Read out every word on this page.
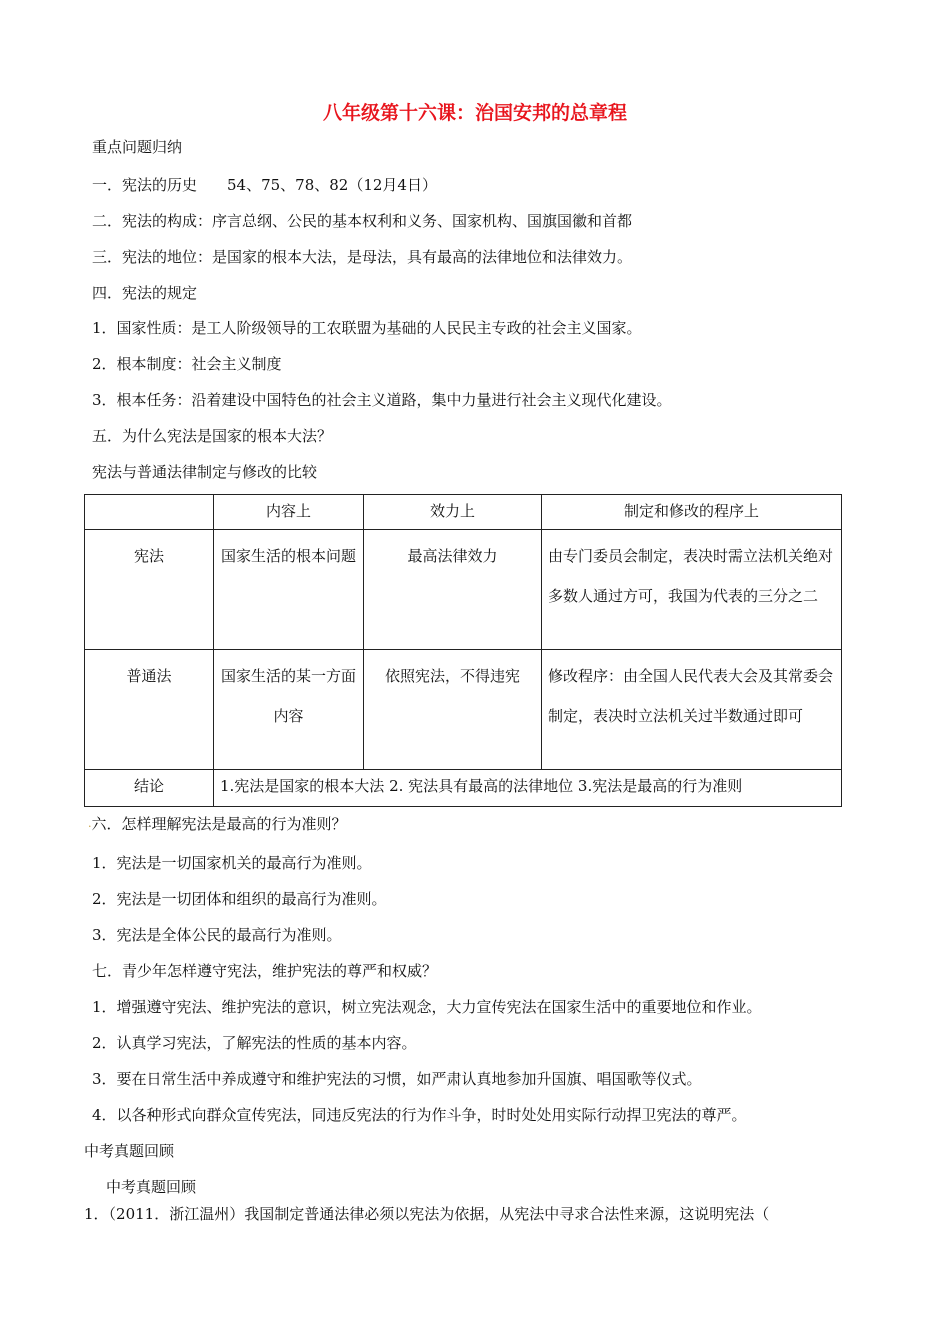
八年级第十六课：治国安邦的总章程
重点问题归纳
一．宪法的历史　　54、75、78、82（12月4日）
二．宪法的构成：序言总纲、公民的基本权利和义务、国家机构、国旗国徽和首都
三．宪法的地位：是国家的根本大法，是母法，具有最高的法律地位和法律效力。
四．宪法的规定
1．国家性质：是工人阶级领导的工农联盟为基础的人民民主专政的社会主义国家。
2．根本制度：社会主义制度
3．根本任务：沿着建设中国特色的社会主义道路，集中力量进行社会主义现代化建设。
五．为什么宪法是国家的根本大法？
宪法与普通法律制定与修改的比较
	内容上	效力上	制定和修改的程序上
宪法	国家生活的根本问题	最高法律效力	由专门委员会制定，表决时需立法机关绝对多数人通过方可，我国为代表的三分之二
普通法	国家生活的某一方面内容	依照宪法，不得违宪	修改程序：由全国人民代表大会及其常委会制定，表决时立法机关过半数通过即可
结论	1.宪法是国家的根本大法 2. 宪法具有最高的法律地位 3.宪法是最高的行为准则		
.六．怎样理解宪法是最高的行为准则？
1．宪法是一切国家机关的最高行为准则。
2．宪法是一切团体和组织的最高行为准则。
3．宪法是全体公民的最高行为准则。
七．青少年怎样遵守宪法，维护宪法的尊严和权威？
1．增强遵守宪法、维护宪法的意识，树立宪法观念，大力宣传宪法在国家生活中的重要地位和作业。
2．认真学习宪法，了解宪法的性质的基本内容。
3．要在日常生活中养成遵守和维护宪法的习惯，如严肃认真地参加升国旗、唱国歌等仪式。
4．以各种形式向群众宣传宪法，同违反宪法的行为作斗争，时时处处用实际行动捍卫宪法的尊严。
中考真题回顾
中考真题回顾
1．（2011．浙江温州）我国制定普通法律必须以宪法为依据，从宪法中寻求合法性来源，这说明宪法（
